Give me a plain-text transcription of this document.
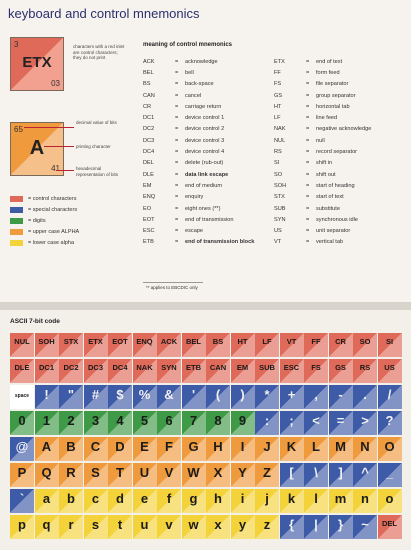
keyboard and control mnemonics
3
ETX
03
characters with a red inlet are control characters; they do not print
65
A
41
decimal value of bits
printing character
hexadecimal representation of bits
= control characters
= special characters
= digits
= upper case ALPHA
= lower case alpha
meaning of control mnemonics
ACK	=	acknowledge
BEL	=	bell
BS	=	back-space
CAN	=	cancel
CR	=	carriage return
DC1	=	device control 1
DC2	=	device control 2
DC3	=	device control 3
DC4	=	device control 4
DEL	=	delete (rub-out)
DLE	=	data link escape
EM	=	end of medium
ENQ	=	enquiry
EO	=	eight ones (**)
EOT	=	end of transmission
ESC	=	escape
ETB	=	end of transmission block
ETX	=	end of text
FF	=	form feed
FS	=	file separator
GS	=	group separator
HT	=	horizontal tab
LF	=	line feed
NAK	=	negative acknowledge
NUL	=	null
RS	=	record separator
SI	=	shift in
SO	=	shift out
SOH	=	start of heading
STX	=	start of text
SUB	=	substitute
SYN	=	synchronous idle
US	=	unit separator
VT	=	vertical tab
** applies to EBCDIC only
ASCII 7-bit code
NUL	SOH	STX	ETX	EOT	ENQ	ACK	BEL	BS	HT	LF	VT	FF	CR	SO	SI
DLE	DC1	DC2	DC3	DC4	NAK	SYN	ETB	CAN	EM	SUB	ESC	FS	GS	RS	US
space	!	"	#	$	%	&	'	(	)	*	+	,	-	.	/
0	1	2	3	4	5	6	7	8	9	:	;	<	=	>	?
@	A	B	C	D	E	F	G	H	I	J	K	L	M	N	O
P	Q	R	S	T	U	V	W	X	Y	Z	[	\	]	^	_
`	a	b	c	d	e	f	g	h	i	j	k	l	m	n	o
p	q	r	s	t	u	v	w	x	y	z	{	|	}	~	DEL
